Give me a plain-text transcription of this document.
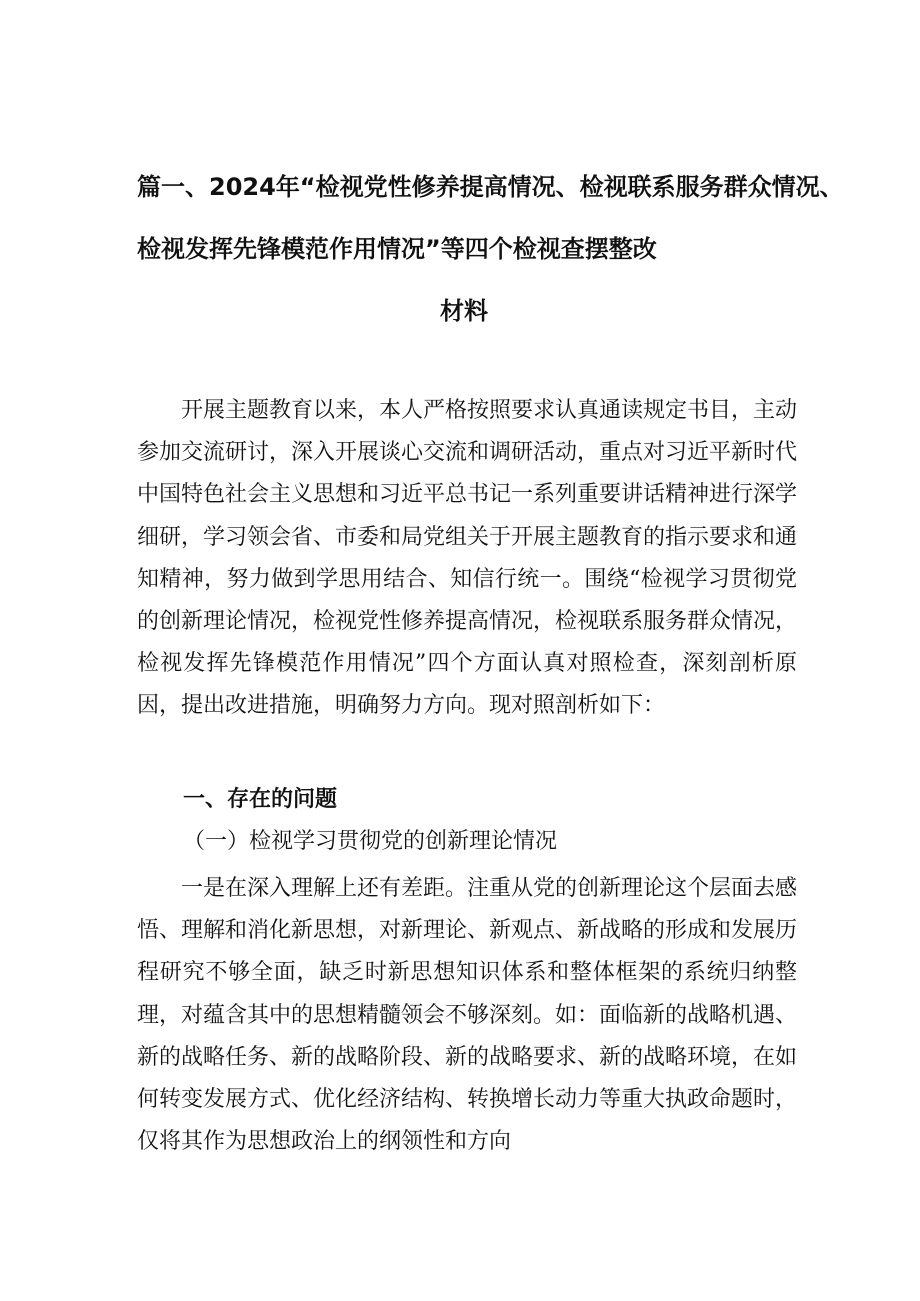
篇一、2024年“检视党性修养提高情况、检视联系服务群众情况、
检视发挥先锋模范作用情况”等四个检视查摆整改
材料
开展主题教育以来，本人严格按照要求认真通读规定书目，主动参加交流研讨，深入开展谈心交流和调研活动，重点对习近平新时代中国特色社会主义思想和习近平总书记一系列重要讲话精神进行深学细研，学习领会省、市委和局党组关于开展主题教育的指示要求和通知精神，努力做到学思用结合、知信行统一。围绕“检视学习贯彻党的创新理论情况，检视党性修养提高情况，检视联系服务群众情况，检视发挥先锋模范作用情况”四个方面认真对照检查，深刻剖析原因，提出改进措施，明确努力方向。现对照剖析如下：
一、存在的问题
（一）检视学习贯彻党的创新理论情况
一是在深入理解上还有差距。注重从党的创新理论这个层面去感悟、理解和消化新思想，对新理论、新观点、新战略的形成和发展历程研究不够全面，缺乏时新思想知识体系和整体框架的系统归纳整理，对蕴含其中的思想精髓领会不够深刻。如：面临新的战略机遇、新的战略任务、新的战略阶段、新的战略要求、新的战略环境，在如何转变发展方式、优化经济结构、转换增长动力等重大执政命题时，仅将其作为思想政治上的纲领性和方向
